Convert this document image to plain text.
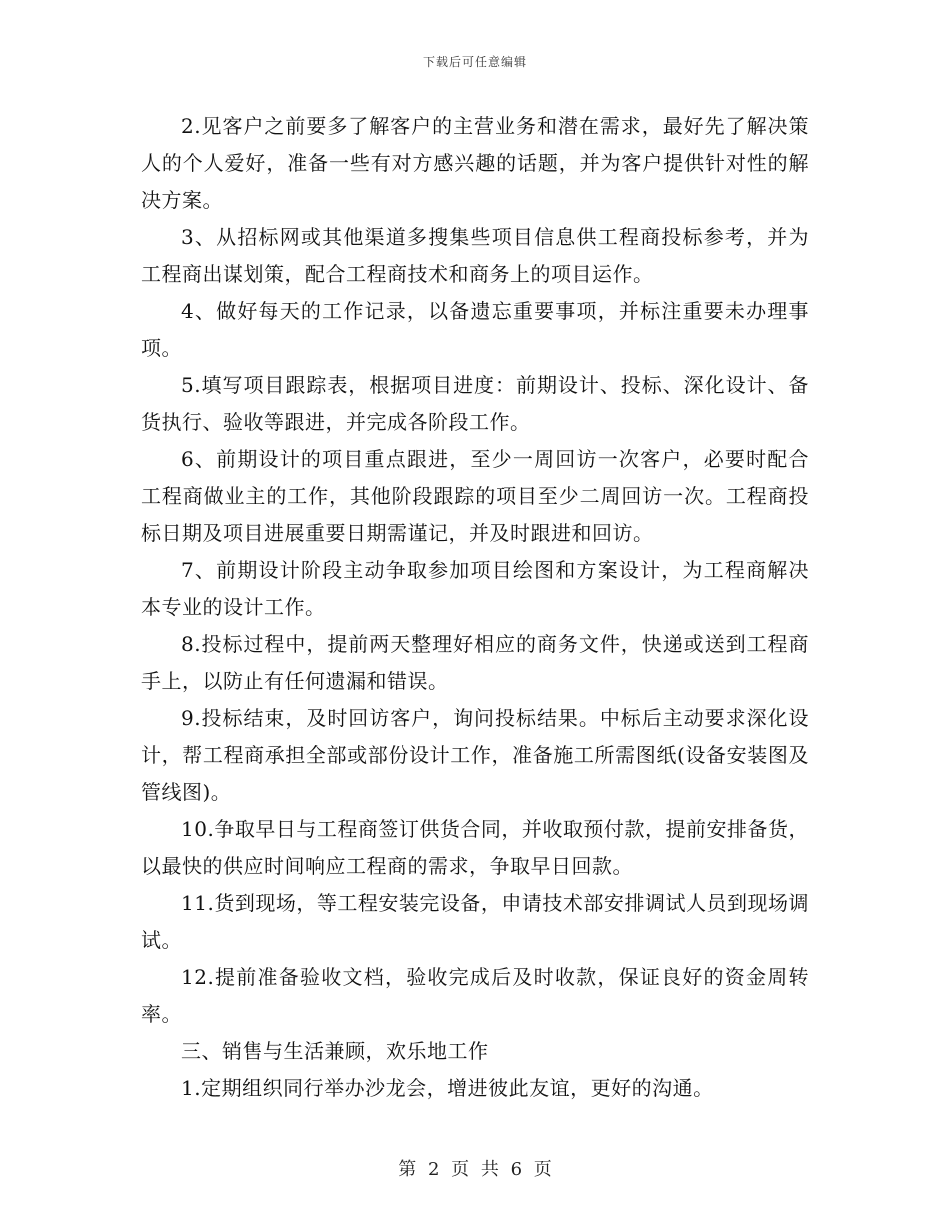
下载后可任意编辑

2.见客户之前要多了解客户的主营业务和潜在需求，最好先了解决策人的个人爱好，准备一些有对方感兴趣的话题，并为客户提供针对性的解决方案。

3、从招标网或其他渠道多搜集些项目信息供工程商投标参考，并为工程商出谋划策，配合工程商技术和商务上的项目运作。

4、做好每天的工作记录，以备遗忘重要事项，并标注重要未办理事项。

5.填写项目跟踪表，根据项目进度：前期设计、投标、深化设计、备货执行、验收等跟进，并完成各阶段工作。

6、前期设计的项目重点跟进，至少一周回访一次客户，必要时配合工程商做业主的工作，其他阶段跟踪的项目至少二周回访一次。工程商投标日期及项目进展重要日期需谨记，并及时跟进和回访。

7、前期设计阶段主动争取参加项目绘图和方案设计，为工程商解决本专业的设计工作。

8.投标过程中，提前两天整理好相应的商务文件，快递或送到工程商手上，以防止有任何遗漏和错误。

9.投标结束，及时回访客户，询问投标结果。中标后主动要求深化设计，帮工程商承担全部或部份设计工作，准备施工所需图纸(设备安装图及管线图)。

10.争取早日与工程商签订供货合同，并收取预付款，提前安排备货，以最快的供应时间响应工程商的需求，争取早日回款。

11.货到现场，等工程安装完设备，申请技术部安排调试人员到现场调试。

12.提前准备验收文档，验收完成后及时收款，保证良好的资金周转率。

三、销售与生活兼顾，欢乐地工作

1.定期组织同行举办沙龙会，增进彼此友谊，更好的沟通。

第 2 页 共 6 页
